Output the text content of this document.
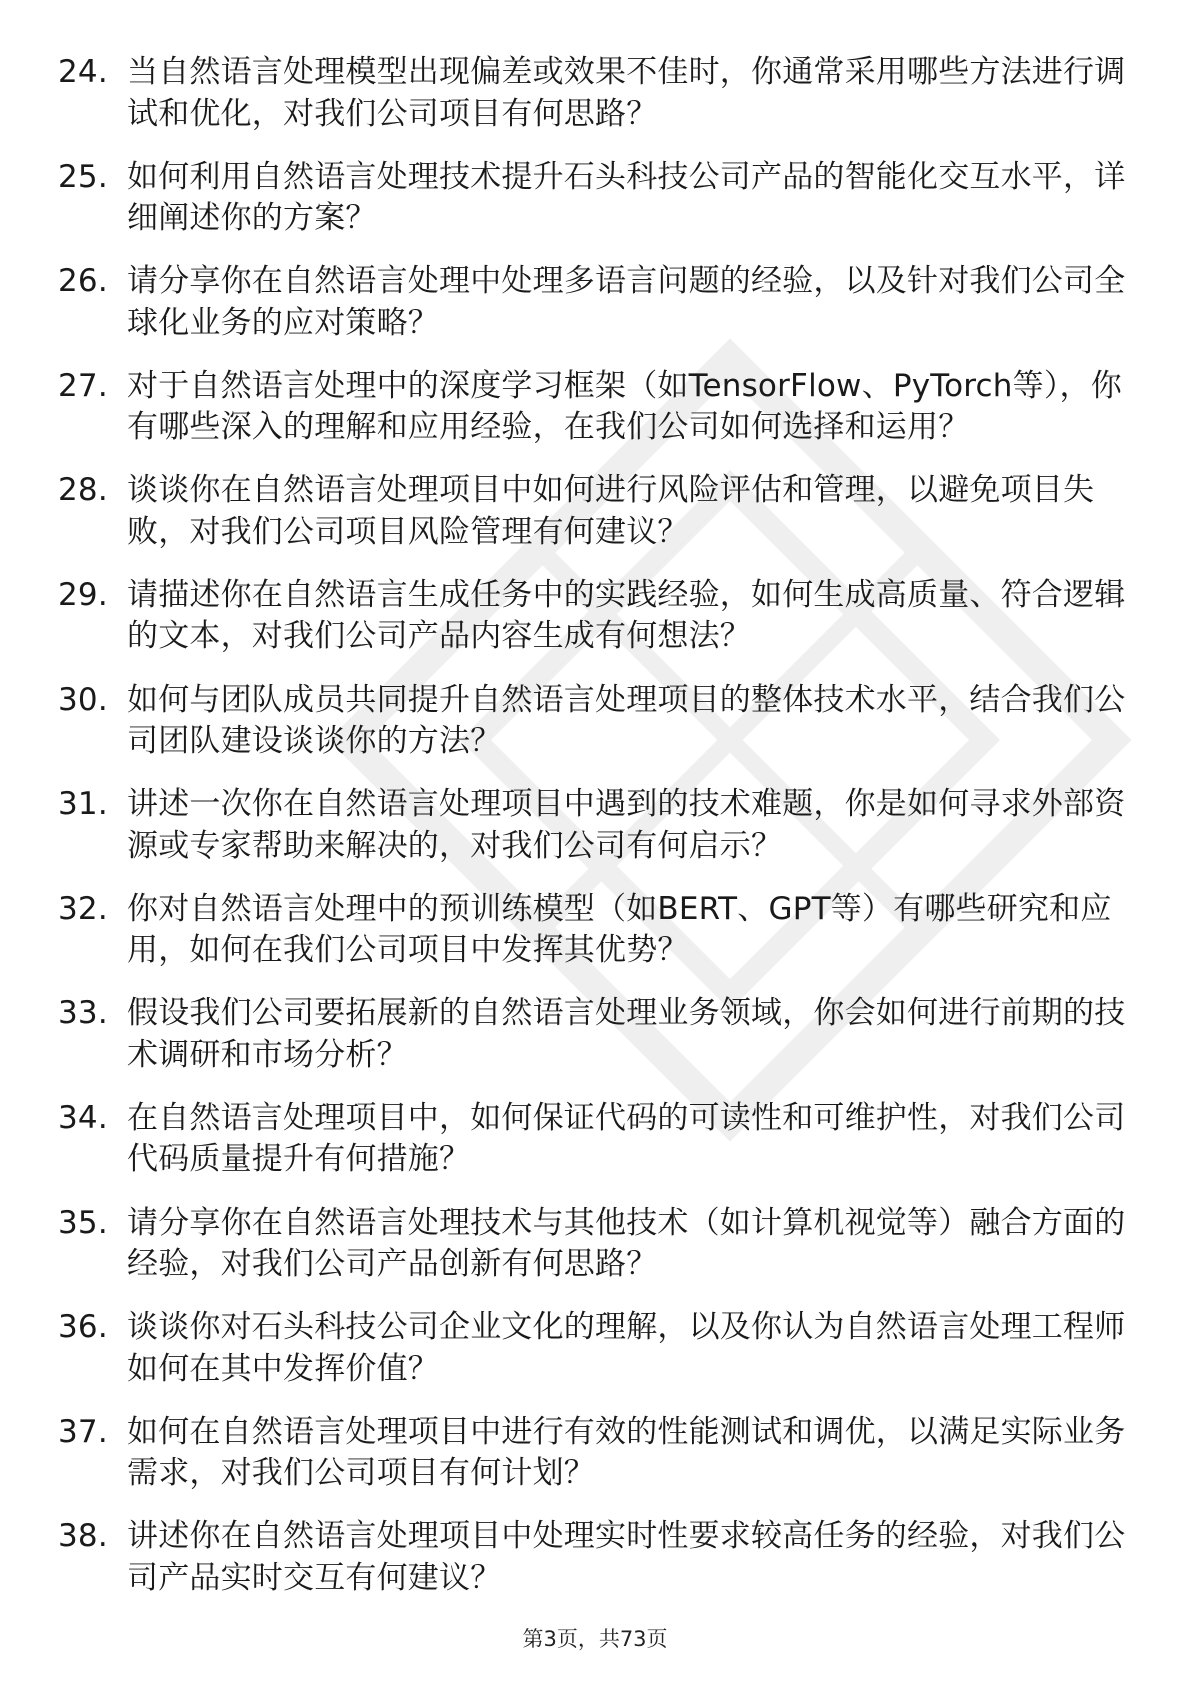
24. 当自然语言处理模型出现偏差或效果不佳时，你通常采用哪些方法进行调试和优化，对我们公司项目有何思路？
25. 如何利用自然语言处理技术提升石头科技公司产品的智能化交互水平，详细阐述你的方案？
26. 请分享你在自然语言处理中处理多语言问题的经验，以及针对我们公司全球化业务的应对策略？
27. 对于自然语言处理中的深度学习框架（如TensorFlow、PyTorch等），你有哪些深入的理解和应用经验，在我们公司如何选择和运用？
28. 谈谈你在自然语言处理项目中如何进行风险评估和管理，以避免项目失败，对我们公司项目风险管理有何建议？
29. 请描述你在自然语言生成任务中的实践经验，如何生成高质量、符合逻辑的文本，对我们公司产品内容生成有何想法？
30. 如何与团队成员共同提升自然语言处理项目的整体技术水平，结合我们公司团队建设谈谈你的方法？
31. 讲述一次你在自然语言处理项目中遇到的技术难题，你是如何寻求外部资源或专家帮助来解决的，对我们公司有何启示？
32. 你对自然语言处理中的预训练模型（如BERT、GPT等）有哪些研究和应用，如何在我们公司项目中发挥其优势？
33. 假设我们公司要拓展新的自然语言处理业务领域，你会如何进行前期的技术调研和市场分析？
34. 在自然语言处理项目中，如何保证代码的可读性和可维护性，对我们公司代码质量提升有何措施？
35. 请分享你在自然语言处理技术与其他技术（如计算机视觉等）融合方面的经验，对我们公司产品创新有何思路？
36. 谈谈你对石头科技公司企业文化的理解，以及你认为自然语言处理工程师如何在其中发挥价值？
37. 如何在自然语言处理项目中进行有效的性能测试和调优，以满足实际业务需求，对我们公司项目有何计划？
38. 讲述你在自然语言处理项目中处理实时性要求较高任务的经验，对我们公司产品实时交互有何建议？
第3页，共73页
